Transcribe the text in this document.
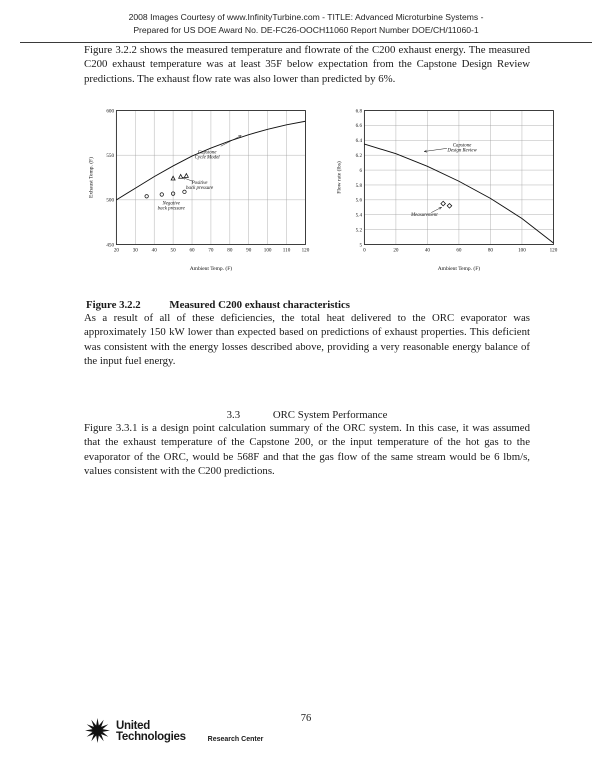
2008 Images Courtesy of www.InfinityTurbine.com - TITLE: Advanced Microturbine Systems -
Prepared for US DOE Award No. DE-FC26-OOCH11060 Report Number DOE/CH/11060-1

Figure 3.2.2 shows the measured temperature and flowrate of the C200 exhaust energy. The measured C200 exhaust temperature was at least 35F below expectation from the Capstone Design Review predictions. The exhaust flow rate was also lower than predicted by 6%.

20	30	40	50	60	70	80	90 100 110 120
450
500
550
600
Capstone
Cycle Model
Positive
back pressure
Negative
back pressure
Ambient Temp. (F)
Exhaust Temp. (F)
0	20	40	60	80	100	120
5
5.2
5.4
5.6
5.8
6
6.2
6.4
6.6
6.8
Capstone
Design Review
Measurement
Ambient Temp. (F)
Flow rate (lbs)

Figure 3.2.2	Measured C200 exhaust characteristics

As a result of all of these deficiencies, the total heat delivered to the ORC evaporator was approximately 150 kW lower than expected based on predictions of exhaust properties. This deficient was consistent with the energy losses described above, providing a very reasonable energy balance of the input fuel energy.

3.3	ORC System Performance

Figure 3.3.1 is a design point calculation summary of the ORC system. In this case, it was assumed that the exhaust temperature of the Capstone 200, or the input temperature of the hot gas to the evaporator of the ORC, would be 568F and that the gas flow of the same stream would be 6 lbm/s, values consistent with the C200 predictions.

76
United
Technologies	Research Center
